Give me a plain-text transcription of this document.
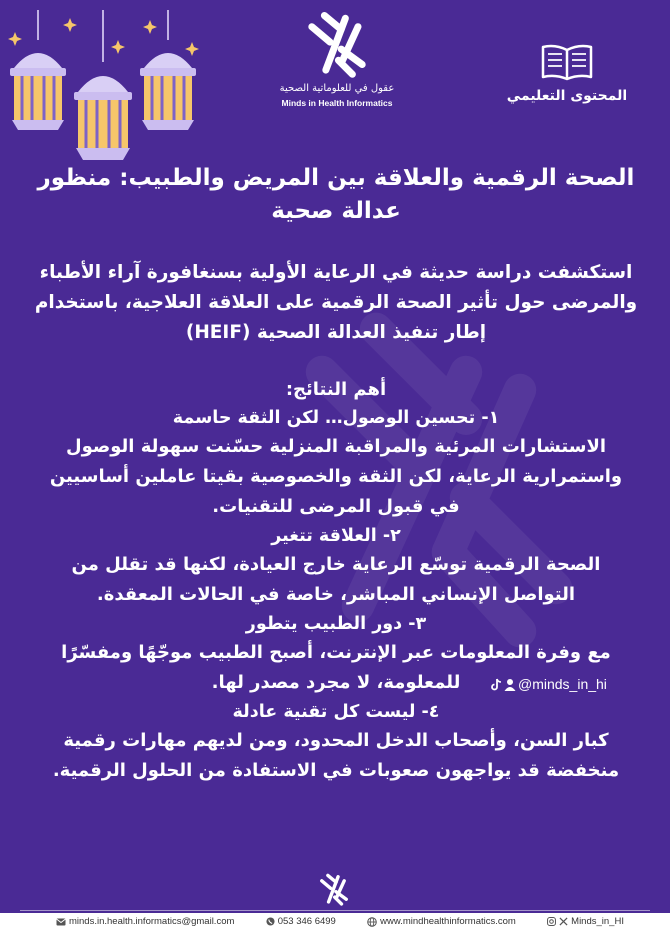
عقول في للعلوماتية الصحية
Minds in Health Informatics	المحتوى التعليمي
الصحة الرقمية والعلاقة بين المريض والطبيب: منظور
عدالة صحية
استكشفت دراسة حديثة في الرعاية الأولية بسنغافورة آراء الأطباء
والمرضى حول تأثير الصحة الرقمية على العلاقة العلاجية، باستخدام
إطار تنفيذ العدالة الصحية (HEIF)
أهم النتائج:
١- تحسين الوصول… لكن الثقة حاسمة
الاستشارات المرئية والمراقبة المنزلية حسّنت سهولة الوصول
واستمرارية الرعاية، لكن الثقة والخصوصية بقيتا عاملين أساسيين
في قبول المرضى للتقنيات.
٢- العلاقة تتغير
الصحة الرقمية توسّع الرعاية خارج العيادة، لكنها قد تقلل من
التواصل الإنساني المباشر، خاصة في الحالات المعقدة.
٣- دور الطبيب يتطور
مع وفرة المعلومات عبر الإنترنت، أصبح الطبيب موجّهًا ومفسّرًا
للمعلومة، لا مجرد مصدر لها.
٤- ليست كل تقنية عادلة
كبار السن، وأصحاب الدخل المحدود، ومن لديهم مهارات رقمية
منخفضة قد يواجهون صعوبات في الاستفادة من الحلول الرقمية.
@minds_in_hi
minds.in.health.informatics@gmail.com	053 346 6499	www.mindhealthinformatics.com	Minds_in_HI
